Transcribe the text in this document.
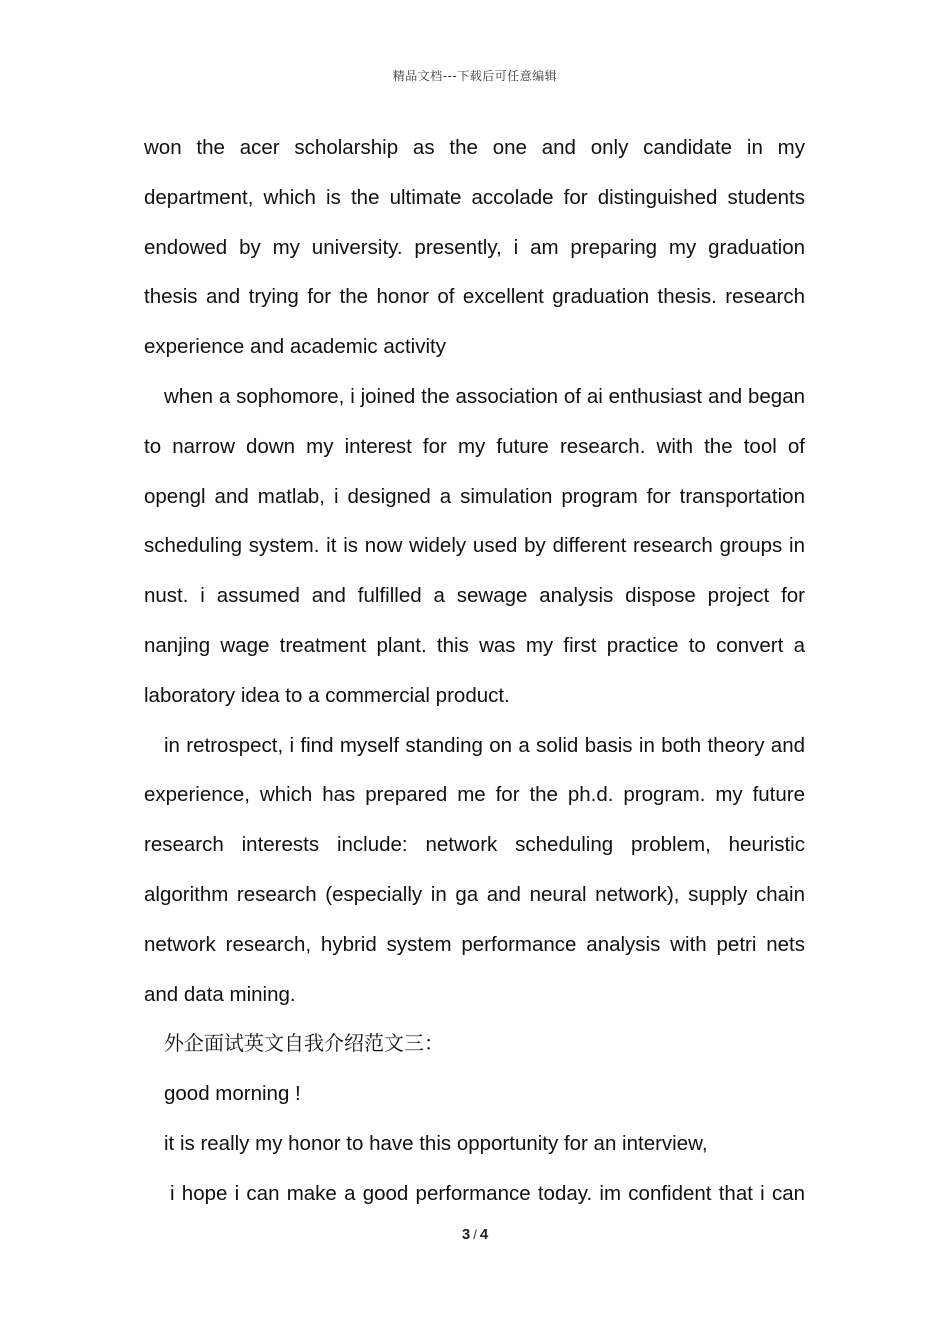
精品文档---下载后可任意编辑

won the acer scholarship as the one and only candidate in my department, which is the ultimate accolade for distinguished students endowed by my university. presently, i am preparing my graduation thesis and trying for the honor of excellent graduation thesis. research experience and academic activity

when a sophomore, i joined the association of ai enthusiast and began to narrow down my interest for my future research. with the tool of opengl and matlab, i designed a simulation program for transportation scheduling system. it is now widely used by different research groups in nust. i assumed and fulfilled a sewage analysis dispose project for nanjing wage treatment plant. this was my first practice to convert a laboratory idea to a commercial product.

in retrospect, i find myself standing on a solid basis in both theory and experience, which has prepared me for the ph.d. program. my future research interests include: network scheduling problem, heuristic algorithm research (especially in ga and neural network), supply chain network research, hybrid system performance analysis with petri nets and data mining.

外企面试英文自我介绍范文三：

good morning !

it is really my honor to have this opportunity for an interview,

i hope i can make a good performance today. im confident that i can

3 / 4
